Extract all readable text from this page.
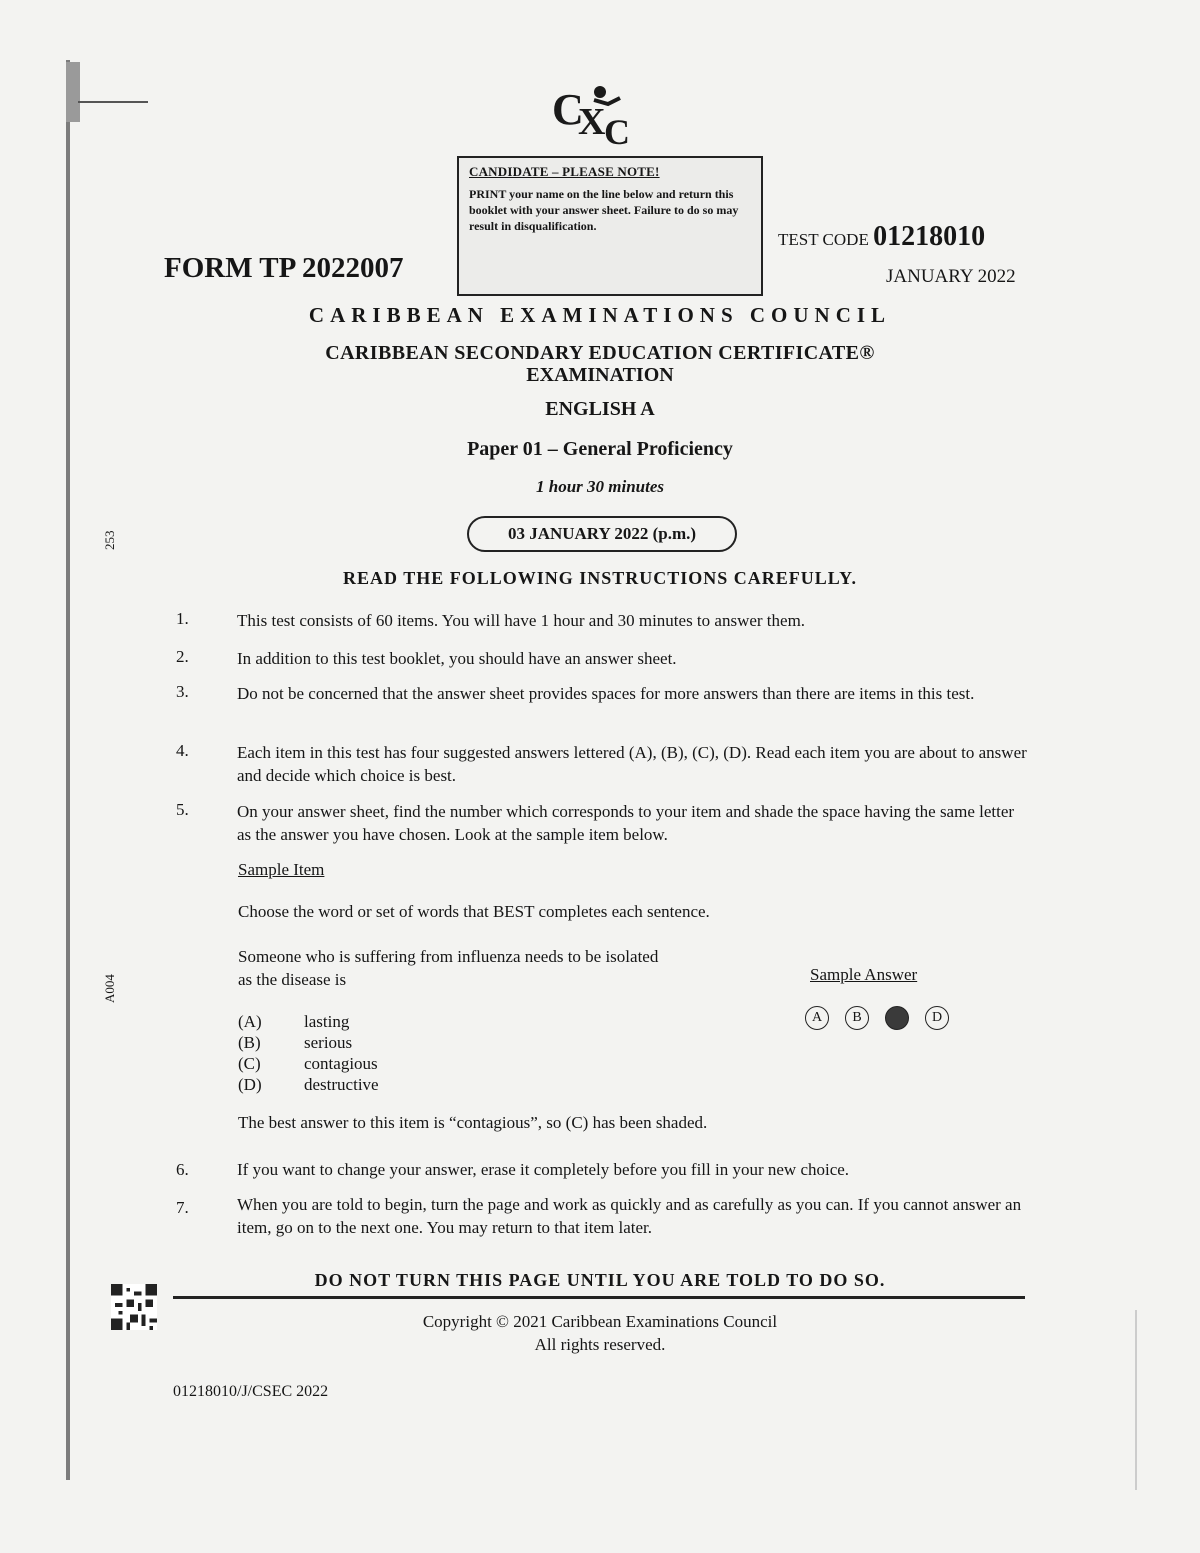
C
X
C
CANDIDATE – PLEASE NOTE!
PRINT your name on the line below and return this booklet with your answer sheet. Failure to do so may result in disqualification.
FORM TP 2022007
TEST CODE 01218010
JANUARY 2022
CARIBBEAN EXAMINATIONS COUNCIL
CARIBBEAN SECONDARY EDUCATION CERTIFICATE®
EXAMINATION
ENGLISH A
Paper 01 – General Proficiency
1 hour 30 minutes
03 JANUARY 2022 (p.m.)
253
A004
READ THE FOLLOWING INSTRUCTIONS CAREFULLY.
1.	This test consists of 60 items. You will have 1 hour and 30 minutes to answer them.
2.	In addition to this test booklet, you should have an answer sheet.
3.	Do not be concerned that the answer sheet provides spaces for more answers than there are items in this test.
4.	Each item in this test has four suggested answers lettered (A), (B), (C), (D). Read each item you are about to answer and decide which choice is best.
5.	On your answer sheet, find the number which corresponds to your item and shade the space having the same letter as the answer you have chosen. Look at the sample item below.
Sample Item
Choose the word or set of words that BEST completes each sentence.
Someone who is suffering from influenza needs to be isolated as the disease is
(A) lasting
(B)	serious
(C)	contagious
(D) destructive
Sample Answer
A	B	D
The best answer to this item is “contagious”, so (C) has been shaded.
6.	If you want to change your answer, erase it completely before you fill in your new choice.
7.	When you are told to begin, turn the page and work as quickly and as carefully as you can. If you cannot answer an item, go on to the next one. You may return to that item later.
DO NOT TURN THIS PAGE UNTIL YOU ARE TOLD TO DO SO.
Copyright © 2021 Caribbean Examinations Council
All rights reserved.
01218010/J/CSEC 2022
